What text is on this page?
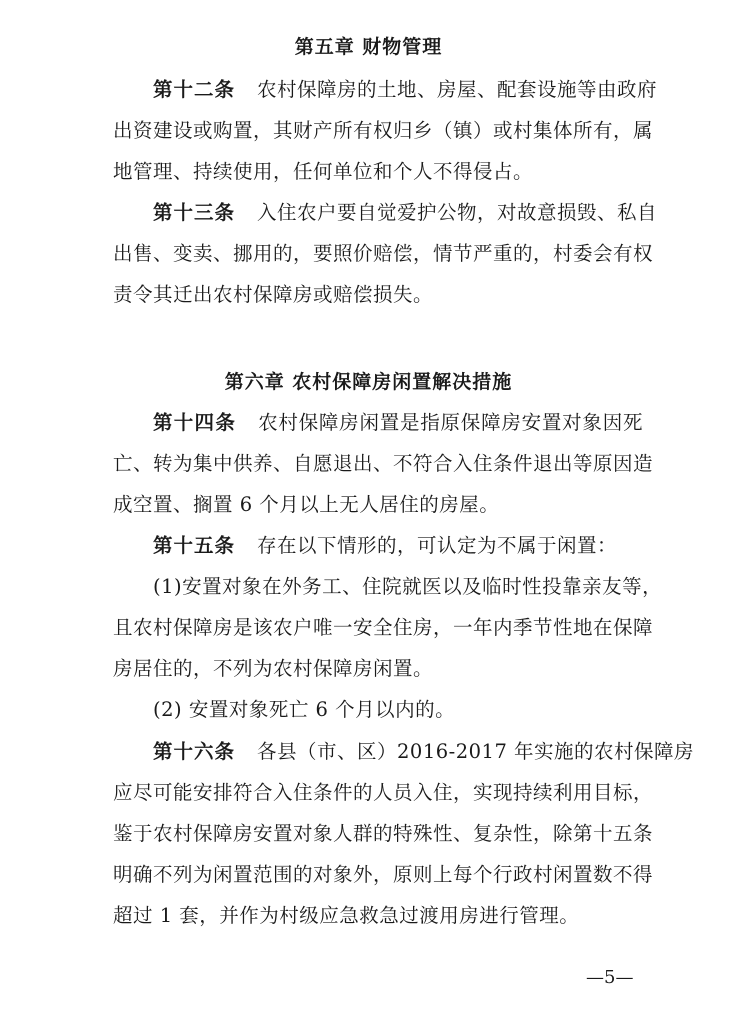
第五章 财物管理
第十二条 农村保障房的土地、房屋、配套设施等由政府
出资建设或购置，其财产所有权归乡（镇）或村集体所有，属
地管理、持续使用，任何单位和个人不得侵占。
第十三条 入住农户要自觉爱护公物，对故意损毁、私自
出售、变卖、挪用的，要照价赔偿，情节严重的，村委会有权
责令其迁出农村保障房或赔偿损失。
第六章 农村保障房闲置解决措施
第十四条 农村保障房闲置是指原保障房安置对象因死
亡、转为集中供养、自愿退出、不符合入住条件退出等原因造
成空置、搁置 6 个月以上无人居住的房屋。
第十五条 存在以下情形的，可认定为不属于闲置：
(1)安置对象在外务工、住院就医以及临时性投靠亲友等，
且农村保障房是该农户唯一安全住房，一年内季节性地在保障
房居住的，不列为农村保障房闲置。
(2) 安置对象死亡 6 个月以内的。
第十六条 各县（市、区）2016-2017 年实施的农村保障房
应尽可能安排符合入住条件的人员入住，实现持续利用目标，
鉴于农村保障房安置对象人群的特殊性、复杂性，除第十五条
明确不列为闲置范围的对象外，原则上每个行政村闲置数不得
超过 1 套，并作为村级应急救急过渡用房进行管理。
—5—
